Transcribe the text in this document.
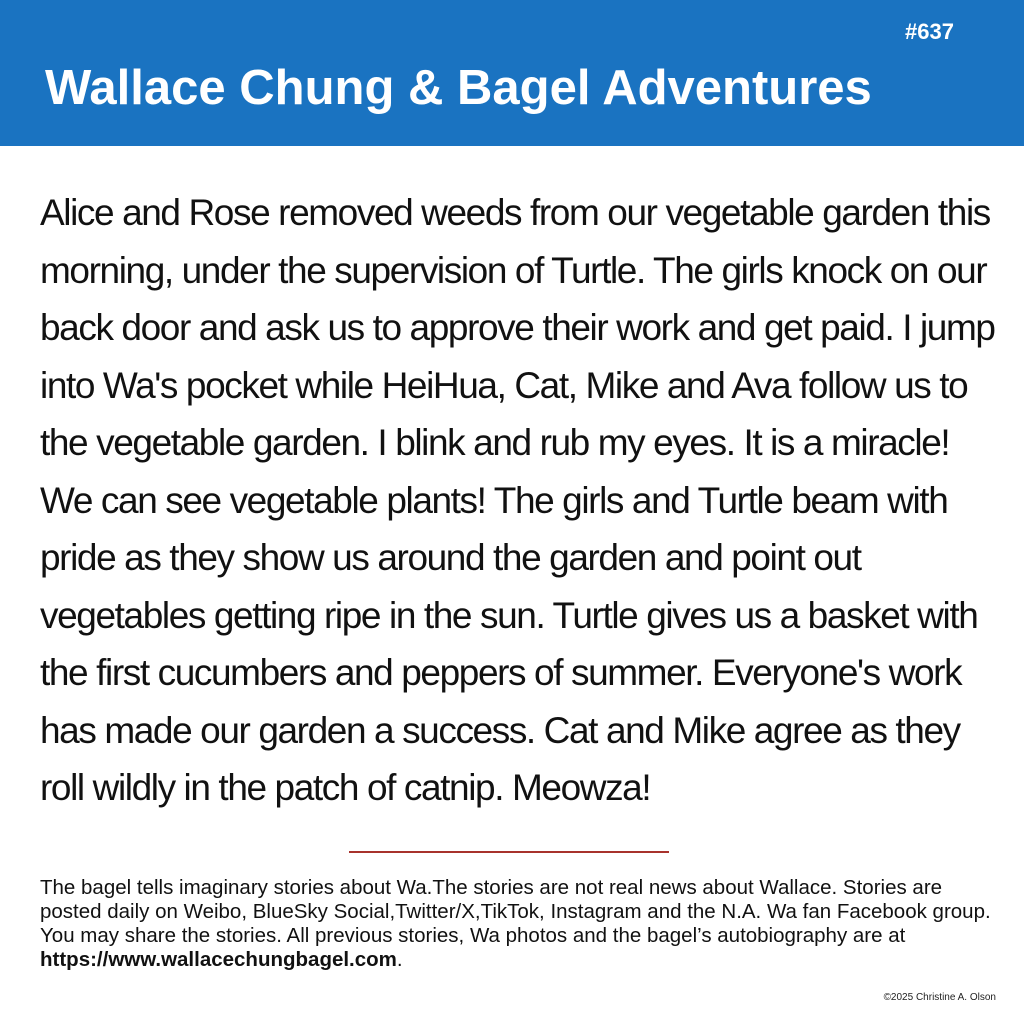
#637
Wallace Chung & Bagel Adventures

Alice and Rose removed weeds from our vegetable garden this morning, under the supervision of Turtle. The girls knock on our back door and ask us to approve their work and get paid. I jump into Wa's pocket while HeiHua, Cat, Mike and Ava follow us to the vegetable garden. I blink and rub my eyes. It is a miracle! We can see vegetable plants! The girls and Turtle beam with pride as they show us around the garden and point out vegetables getting ripe in the sun. Turtle gives us a basket with the first cucumbers and peppers of summer. Everyone's work has made our garden a success. Cat and Mike agree as they roll wildly in the patch of catnip. Meowza!

The bagel tells imaginary stories about Wa.The stories are not real news about Wallace. Stories are posted daily on Weibo, BlueSky Social,Twitter/X,TikTok, Instagram and the N.A. Wa fan Facebook group. You may share the stories. All previous stories, Wa photos and the bagel’s autobiography are at https://www.wallacechungbagel.com.

©2025 Christine A. Olson
